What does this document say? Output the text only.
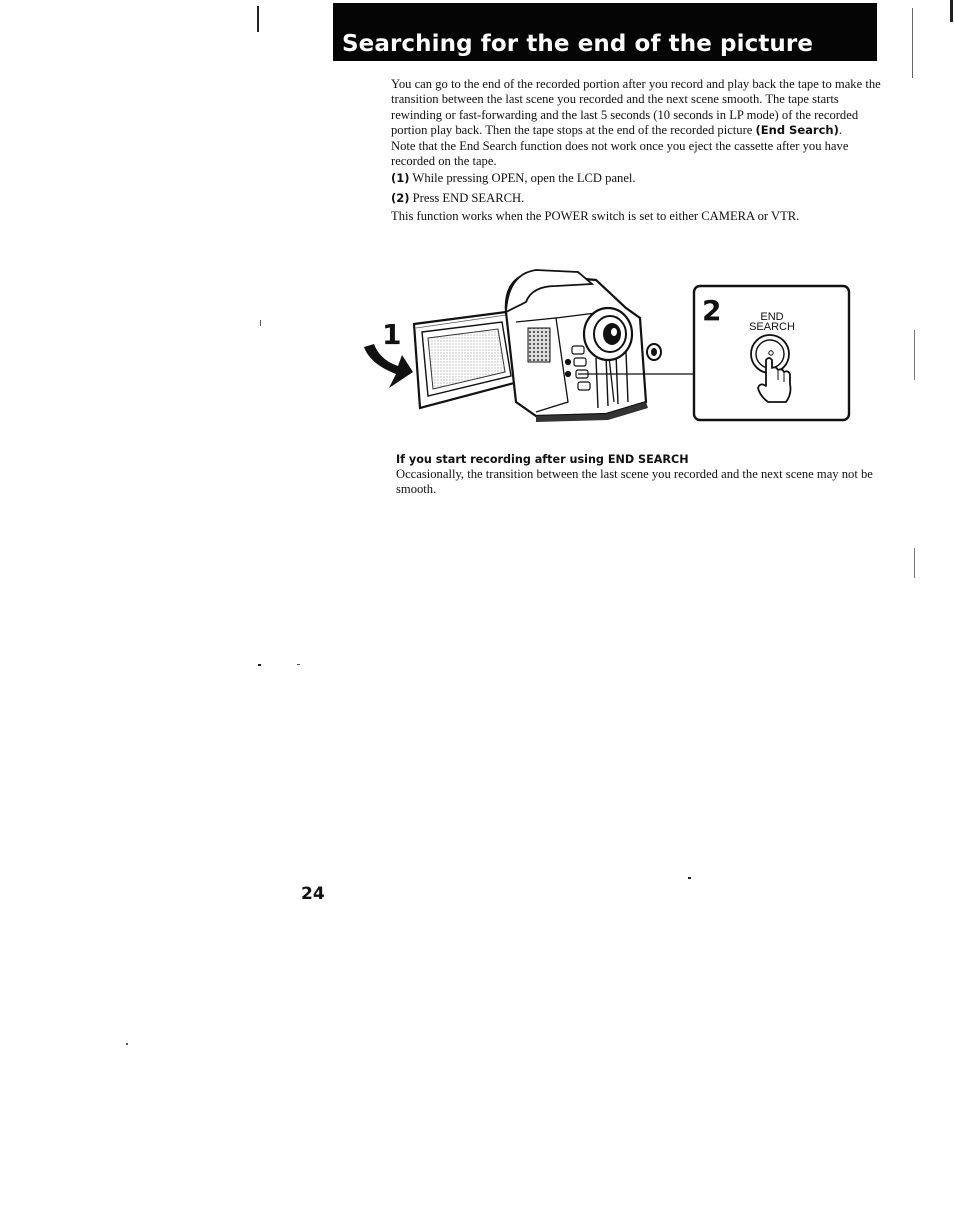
Searching for the end of the picture

You can go to the end of the recorded portion after you record and play back the tape to make the transition between the last scene you recorded and the next scene smooth. The tape starts rewinding or fast-forwarding and the last 5 seconds (10 seconds in LP mode) of the recorded portion play back. Then the tape stops at the end of the recorded picture (End Search).

Note that the End Search function does not work once you eject the cassette after you have recorded on the tape.

(1) While pressing OPEN, open the LCD panel.

(2) Press END SEARCH.

This function works when the POWER switch is set to either CAMERA or VTR.

1
2	END
SEARCH
If you start recording after using END SEARCH
Occasionally, the transition between the last scene you recorded and the next scene may not be smooth.
24
